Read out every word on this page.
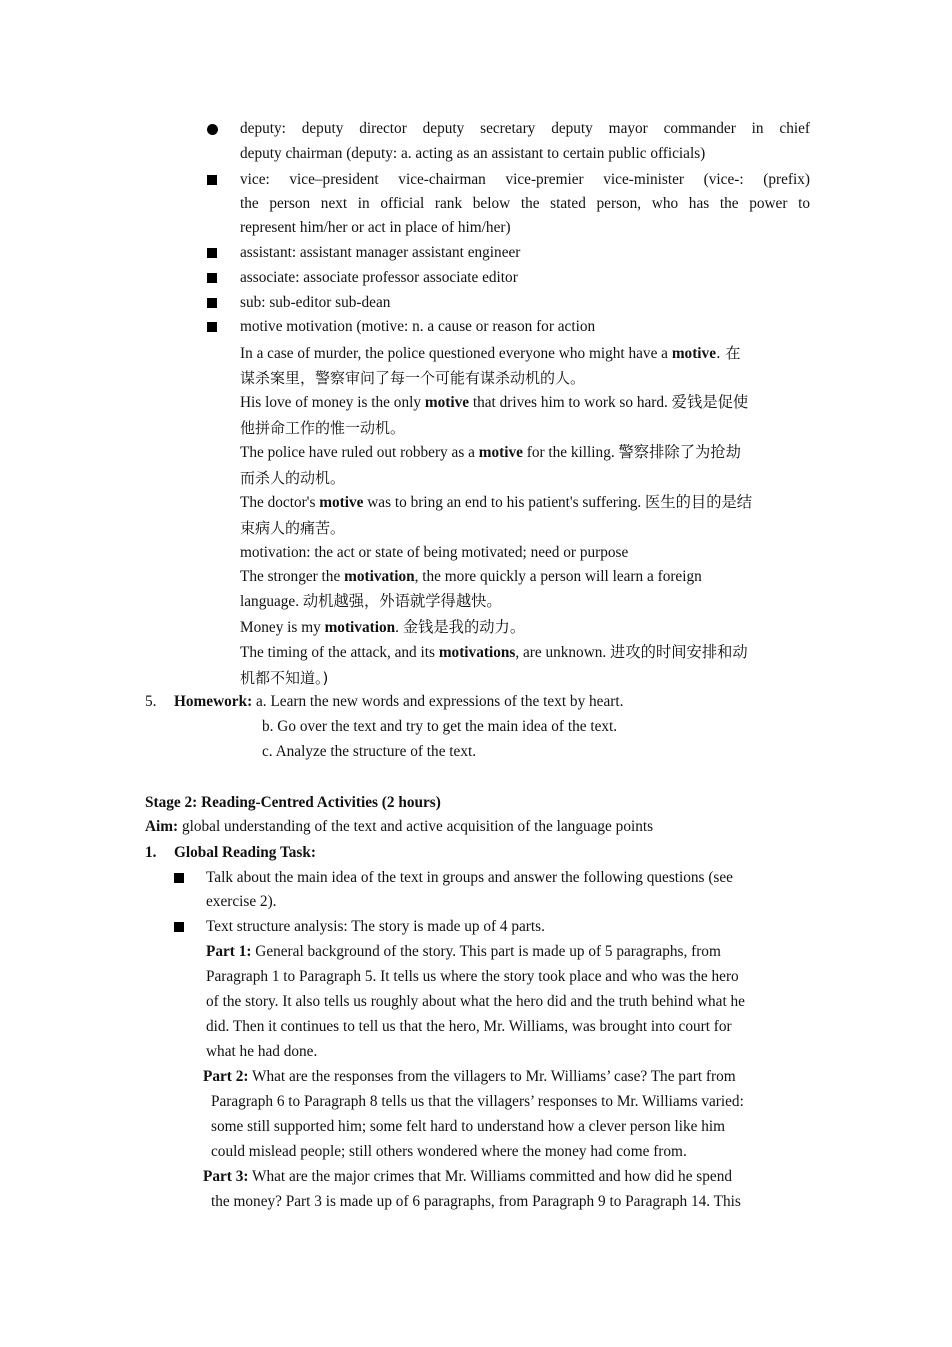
deputy: deputy director deputy secretary deputy mayor commander in chief
deputy chairman (deputy: a. acting as an assistant to certain public officials)
vice: vice–president vice-chairman vice-premier vice-minister (vice-: (prefix)
the person next in official rank below the stated person, who has the power to
represent him/her or act in place of him/her)
assistant: assistant manager assistant engineer
associate: associate professor associate editor
sub: sub-editor sub-dean
motive motivation (motive: n. a cause or reason for action
In a case of murder, the police questioned everyone who might have a motive. 在
谋杀案里，警察审问了每一个可能有谋杀动机的人。
His love of money is the only motive that drives him to work so hard. 爱钱是促使
他拼命工作的惟一动机。
The police have ruled out robbery as a motive for the killing. 警察排除了为抢劫
而杀人的动机。
The doctor's motive was to bring an end to his patient's suffering. 医生的目的是结
束病人的痛苦。
motivation: the act or state of being motivated; need or purpose
The stronger the motivation, the more quickly a person will learn a foreign
language. 动机越强，外语就学得越快。
Money is my motivation. 金钱是我的动力。
The timing of the attack, and its motivations, are unknown. 进攻的时间安排和动
机都不知道。)
5. Homework: a. Learn the new words and expressions of the text by heart.
b. Go over the text and try to get the main idea of the text.
c. Analyze the structure of the text.
Stage 2: Reading-Centred Activities (2 hours)
Aim: global understanding of the text and active acquisition of the language points
1. Global Reading Task:
Talk about the main idea of the text in groups and answer the following questions (see
exercise 2).
Text structure analysis: The story is made up of 4 parts.
Part 1: General background of the story. This part is made up of 5 paragraphs, from
Paragraph 1 to Paragraph 5. It tells us where the story took place and who was the hero
of the story. It also tells us roughly about what the hero did and the truth behind what he
did. Then it continues to tell us that the hero, Mr. Williams, was brought into court for
what he had done.
Part 2: What are the responses from the villagers to Mr. Williams’ case? The part from
Paragraph 6 to Paragraph 8 tells us that the villagers’ responses to Mr. Williams varied:
some still supported him; some felt hard to understand how a clever person like him
could mislead people; still others wondered where the money had come from.
Part 3: What are the major crimes that Mr. Williams committed and how did he spend
the money? Part 3 is made up of 6 paragraphs, from Paragraph 9 to Paragraph 14. This
